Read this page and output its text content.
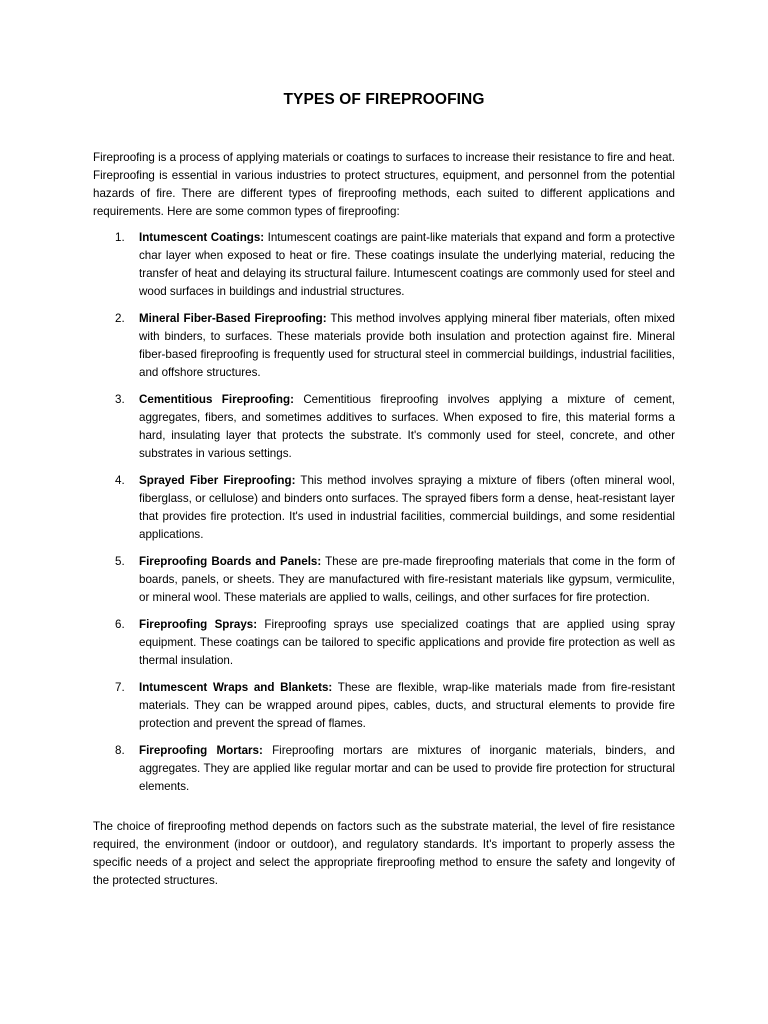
TYPES OF FIREPROOFING
Fireproofing is a process of applying materials or coatings to surfaces to increase their resistance to fire and heat. Fireproofing is essential in various industries to protect structures, equipment, and personnel from the potential hazards of fire. There are different types of fireproofing methods, each suited to different applications and requirements. Here are some common types of fireproofing:
1.	Intumescent Coatings: Intumescent coatings are paint-like materials that expand and form a protective char layer when exposed to heat or fire. These coatings insulate the underlying material, reducing the transfer of heat and delaying its structural failure. Intumescent coatings are commonly used for steel and wood surfaces in buildings and industrial structures.
2.	Mineral Fiber-Based Fireproofing: This method involves applying mineral fiber materials, often mixed with binders, to surfaces. These materials provide both insulation and protection against fire. Mineral fiber-based fireproofing is frequently used for structural steel in commercial buildings, industrial facilities, and offshore structures.
3.	Cementitious Fireproofing: Cementitious fireproofing involves applying a mixture of cement, aggregates, fibers, and sometimes additives to surfaces. When exposed to fire, this material forms a hard, insulating layer that protects the substrate. It's commonly used for steel, concrete, and other substrates in various settings.
4.	Sprayed Fiber Fireproofing: This method involves spraying a mixture of fibers (often mineral wool, fiberglass, or cellulose) and binders onto surfaces. The sprayed fibers form a dense, heat-resistant layer that provides fire protection. It's used in industrial facilities, commercial buildings, and some residential applications.
5.	Fireproofing Boards and Panels: These are pre-made fireproofing materials that come in the form of boards, panels, or sheets. They are manufactured with fire-resistant materials like gypsum, vermiculite, or mineral wool. These materials are applied to walls, ceilings, and other surfaces for fire protection.
6.	Fireproofing Sprays: Fireproofing sprays use specialized coatings that are applied using spray equipment. These coatings can be tailored to specific applications and provide fire protection as well as thermal insulation.
7.	Intumescent Wraps and Blankets: These are flexible, wrap-like materials made from fire-resistant materials. They can be wrapped around pipes, cables, ducts, and structural elements to provide fire protection and prevent the spread of flames.
8.	Fireproofing Mortars: Fireproofing mortars are mixtures of inorganic materials, binders, and aggregates. They are applied like regular mortar and can be used to provide fire protection for structural elements.
The choice of fireproofing method depends on factors such as the substrate material, the level of fire resistance required, the environment (indoor or outdoor), and regulatory standards. It's important to properly assess the specific needs of a project and select the appropriate fireproofing method to ensure the safety and longevity of the protected structures.
